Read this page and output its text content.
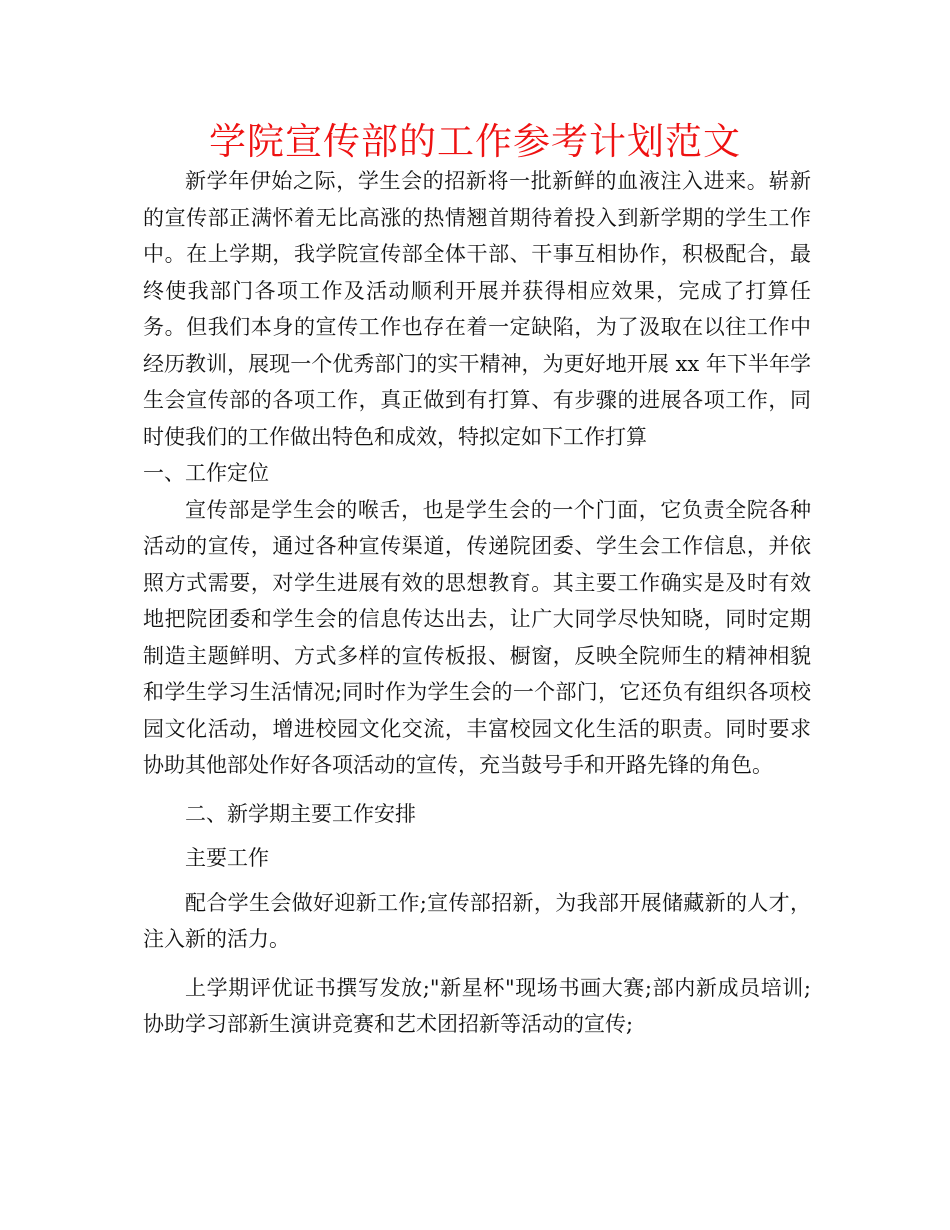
学院宣传部的工作参考计划范文

新学年伊始之际，学生会的招新将一批新鲜的血液注入进来。崭新的宣传部正满怀着无比高涨的热情翘首期待着投入到新学期的学生工作中。在上学期，我学院宣传部全体干部、干事互相协作，积极配合，最终使我部门各项工作及活动顺利开展并获得相应效果，完成了打算任务。但我们本身的宣传工作也存在着一定缺陷，为了汲取在以往工作中经历教训，展现一个优秀部门的实干精神，为更好地开展 xx 年下半年学生会宣传部的各项工作，真正做到有打算、有步骤的进展各项工作，同时使我们的工作做出特色和成效，特拟定如下工作打算

一、工作定位

宣传部是学生会的喉舌，也是学生会的一个门面，它负责全院各种活动的宣传，通过各种宣传渠道，传递院团委、学生会工作信息，并依照方式需要，对学生进展有效的思想教育。其主要工作确实是及时有效地把院团委和学生会的信息传达出去，让广大同学尽快知晓，同时定期制造主题鲜明、方式多样的宣传板报、橱窗，反映全院师生的精神相貌和学生学习生活情况;同时作为学生会的一个部门，它还负有组织各项校园文化活动，增进校园文化交流，丰富校园文化生活的职责。同时要求协助其他部处作好各项活动的宣传，充当鼓号手和开路先锋的角色。

二、新学期主要工作安排

主要工作

配合学生会做好迎新工作;宣传部招新，为我部开展储藏新的人才，注入新的活力。

上学期评优证书撰写发放;"新星杯"现场书画大赛;部内新成员培训;协助学习部新生演讲竞赛和艺术团招新等活动的宣传;
